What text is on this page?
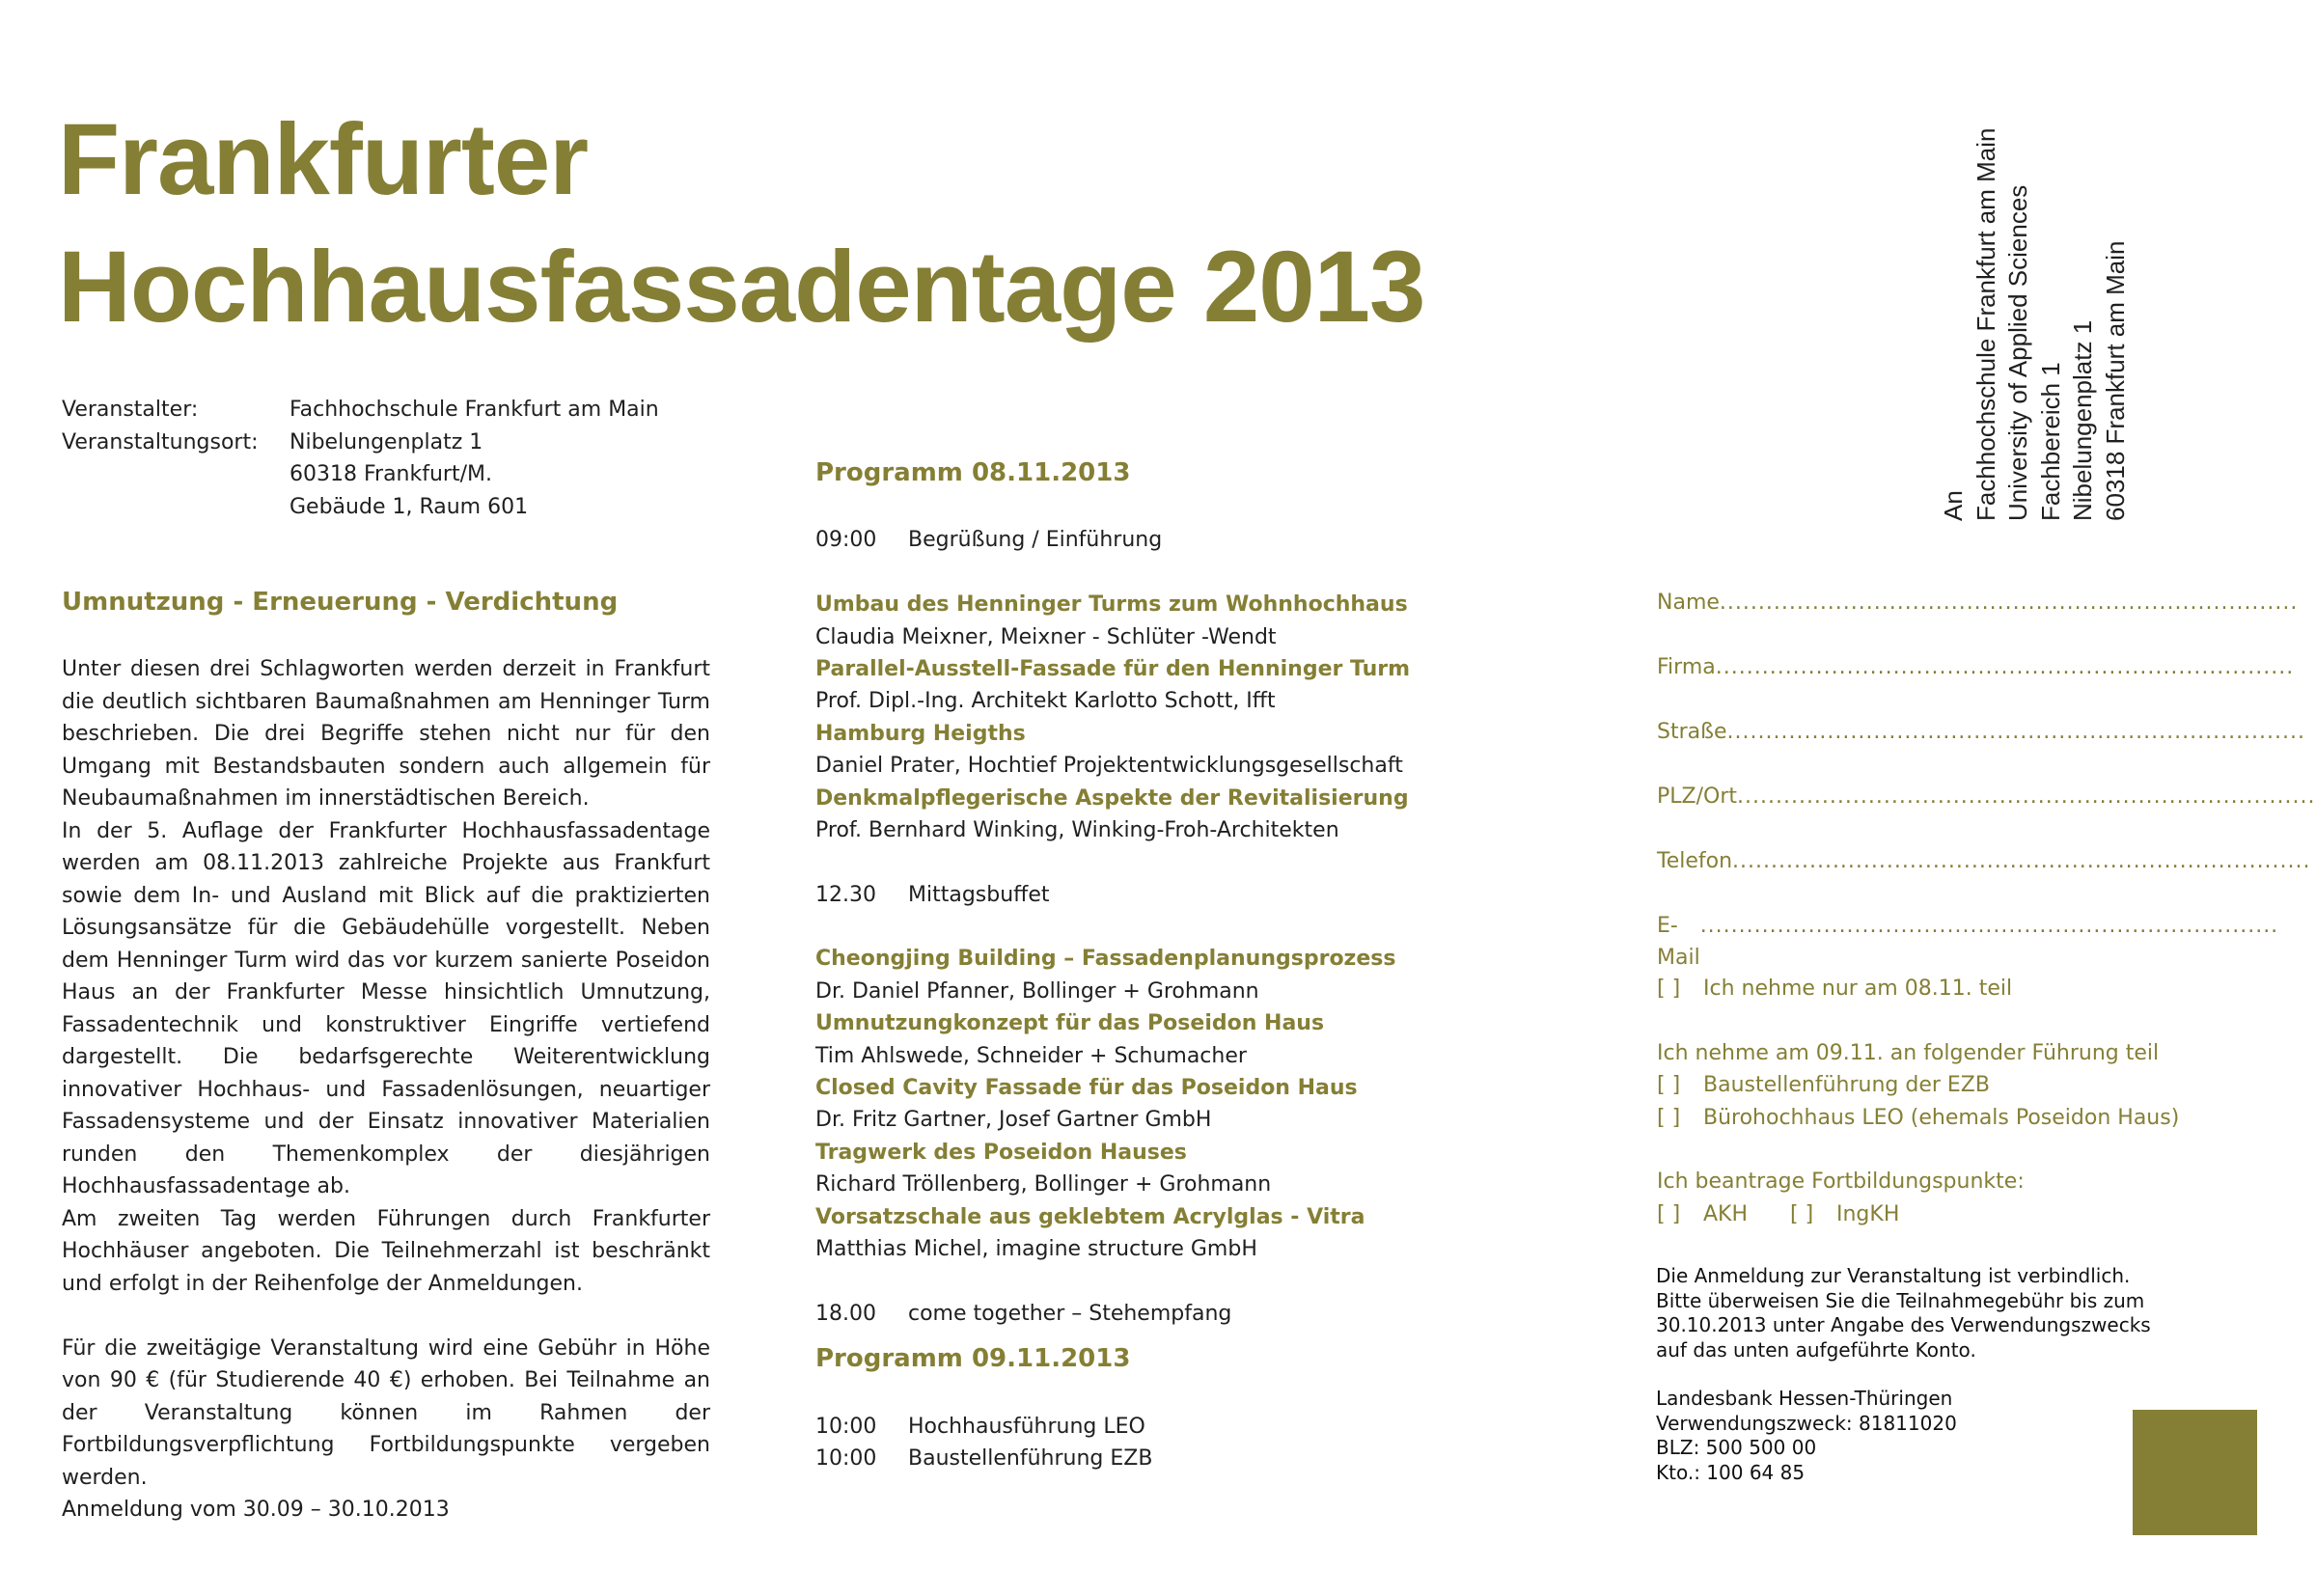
Frankfurter
Hochhausfassadentage 2013
Veranstalter:	Fachhochschule Frankfurt am Main
Veranstaltungsort:	Nibelungenplatz 1
60318 Frankfurt/M.
Gebäude 1, Raum 601
Umnutzung - Erneuerung - Verdichtung

Unter diesen drei Schlagworten werden derzeit in Frankfurt die deutlich sichtbaren Baumaßnahmen am Henninger Turm beschrieben. Die drei Begriffe stehen nicht nur für den Umgang mit Bestandsbauten sondern auch allgemein für Neubaumaßnahmen im innerstädtischen Bereich.

In der 5. Auflage der Frankfurter Hochhausfassadentage werden am 08.11.2013 zahlreiche Projekte aus Frankfurt sowie dem In- und Ausland mit Blick auf die praktizierten Lösungsansätze für die Gebäudehülle vorgestellt. Neben dem Henninger Turm wird das vor kurzem sanierte Poseidon Haus an der Frankfurter Messe hinsichtlich Umnutzung, Fassadentechnik und konstruktiver Eingriffe vertiefend dargestellt. Die bedarfsgerechte Weiterentwicklung innovativer Hochhaus- und Fassadenlösungen, neuartiger Fassadensysteme und der Einsatz innovativer Materialien runden den Themenkomplex der diesjährigen Hochhausfassadentage ab.

Am zweiten Tag werden Führungen durch Frankfurter Hochhäuser angeboten. Die Teilnehmerzahl ist beschränkt und erfolgt in der Reihenfolge der Anmeldungen.

Für die zweitägige Veranstaltung wird eine Gebühr in Höhe von 90 € (für Studierende 40 €) erhoben. Bei Teilnahme an der Veranstaltung können im Rahmen der Fortbildungsverpflichtung Fortbildungspunkte vergeben werden.

Anmeldung vom 30.09 – 30.10.2013

Programm 08.11.2013
09:00 Begrüßung / Einführung
Umbau des Henninger Turms zum Wohnhochhaus
Claudia Meixner, Meixner - Schlüter -Wendt
Parallel-Ausstell-Fassade für den Henninger Turm
Prof. Dipl.-Ing. Architekt Karlotto Schott, Ifft
Hamburg Heigths
Daniel Prater, Hochtief Projektentwicklungsgesellschaft
Denkmalpflegerische Aspekte der Revitalisierung
Prof. Bernhard Winking, Winking-Froh-Architekten
12.30 Mittagsbuffet
Cheongjing Building – Fassadenplanungsprozess
Dr. Daniel Pfanner, Bollinger + Grohmann
Umnutzungkonzept für das Poseidon Haus
Tim Ahlswede, Schneider + Schumacher
Closed Cavity Fassade für das Poseidon Haus
Dr. Fritz Gartner, Josef Gartner GmbH
Tragwerk des Poseidon Hauses
Richard Tröllenberg, Bollinger + Grohmann
Vorsatzschale aus geklebtem Acrylglas - Vitra
Matthias Michel, imagine structure GmbH
18.00 come together – Stehempfang
Programm 09.11.2013
10:00 Hochhausführung LEO
10:00 Baustellenführung EZB
An Fachhochschule Frankfurt am Main University of Applied Sciences Fachbereich 1 Nibelungenplatz 1 60318 Frankfurt am Main
Name ...........................................................................
Firma ...........................................................................
Straße ...........................................................................
PLZ/Ort ...........................................................................
Telefon ...........................................................................
E-Mail
...........................................................................
[ ] Ich nehme nur am 08.11. teil
Ich nehme am 09.11. an folgender Führung teil
[ ] Baustellenführung der EZB
[ ] Bürohochhaus LEO (ehemals Poseidon Haus)
Ich beantrage Fortbildungspunkte:
[ ] AKH [ ] IngKH
Die Anmeldung zur Veranstaltung ist verbindlich.
Bitte überweisen Sie die Teilnahmegebühr bis zum
30.10.2013 unter Angabe des Verwendungszwecks
auf das unten aufgeführte Konto.
Landesbank Hessen-Thüringen
Verwendungszweck: 81811020
BLZ: 500 500 00
Kto.: 100 64 85
